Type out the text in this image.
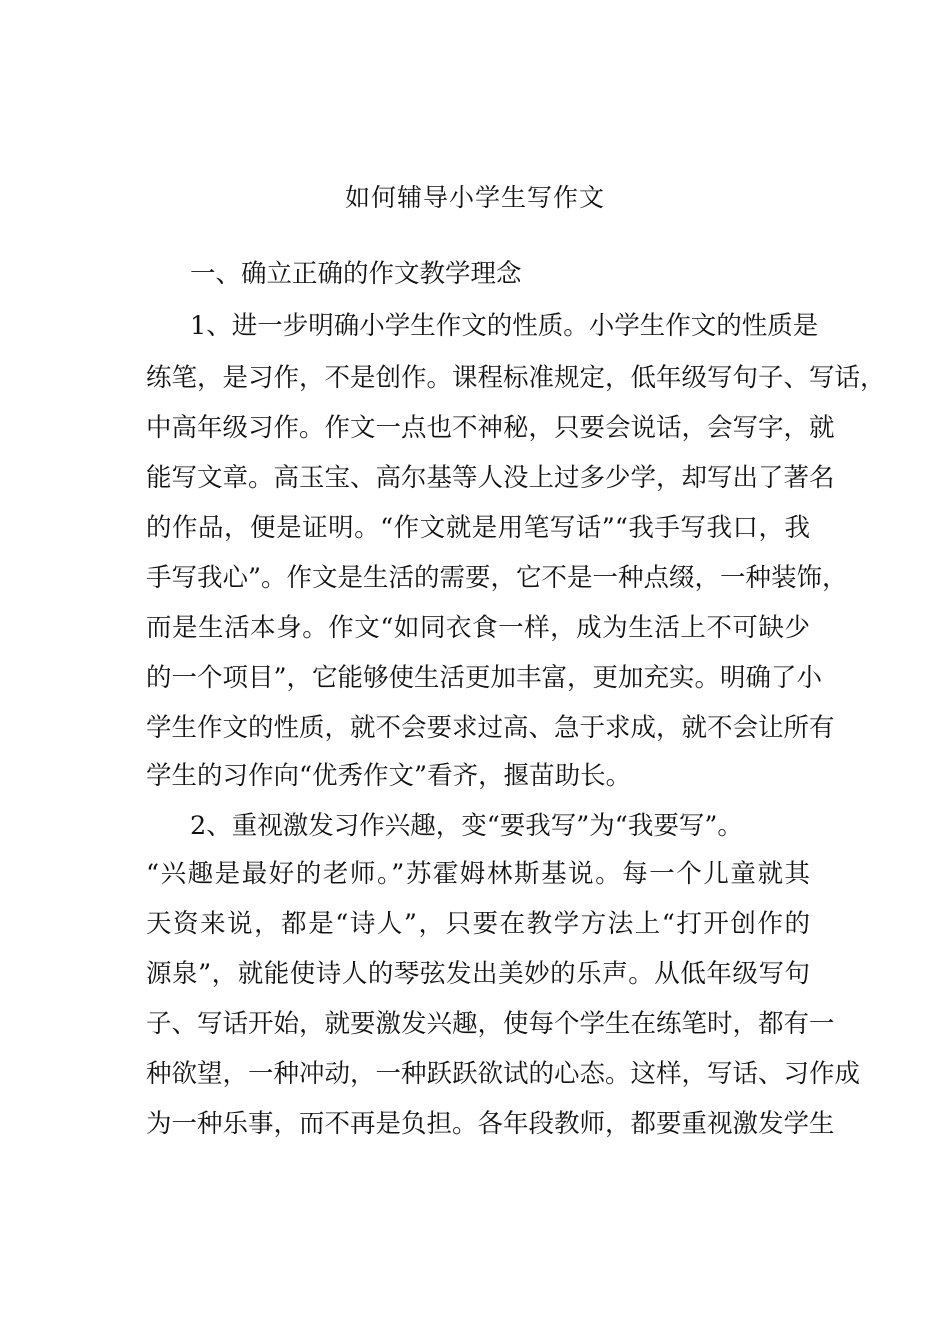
如何辅导小学生写作文
一、确立正确的作文教学理念
1、进一步明确小学生作文的性质。小学生作文的性质是
练笔，是习作，不是创作。课程标准规定，低年级写句子、写话，
中高年级习作。作文一点也不神秘，只要会说话，会写字，就
能写文章。高玉宝、高尔基等人没上过多少学，却写出了著名
的作品，便是证明。“作文就是用笔写话”“我手写我口，我
手写我心”。作文是生活的需要，它不是一种点缀，一种装饰，
而是生活本身。作文“如同衣食一样，成为生活上不可缺少
的一个项目”，它能够使生活更加丰富，更加充实。明确了小
学生作文的性质，就不会要求过高、急于求成，就不会让所有
学生的习作向“优秀作文”看齐，揠苗助长。
2、重视激发习作兴趣，变“要我写”为“我要写”。
“兴趣是最好的老师。”苏霍姆林斯基说。每一个儿童就其
天资来说，都是“诗人”，只要在教学方法上“打开创作的
源泉”，就能使诗人的琴弦发出美妙的乐声。从低年级写句
子、写话开始，就要激发兴趣，使每个学生在练笔时，都有一
种欲望，一种冲动，一种跃跃欲试的心态。这样，写话、习作成
为一种乐事，而不再是负担。各年段教师，都要重视激发学生
